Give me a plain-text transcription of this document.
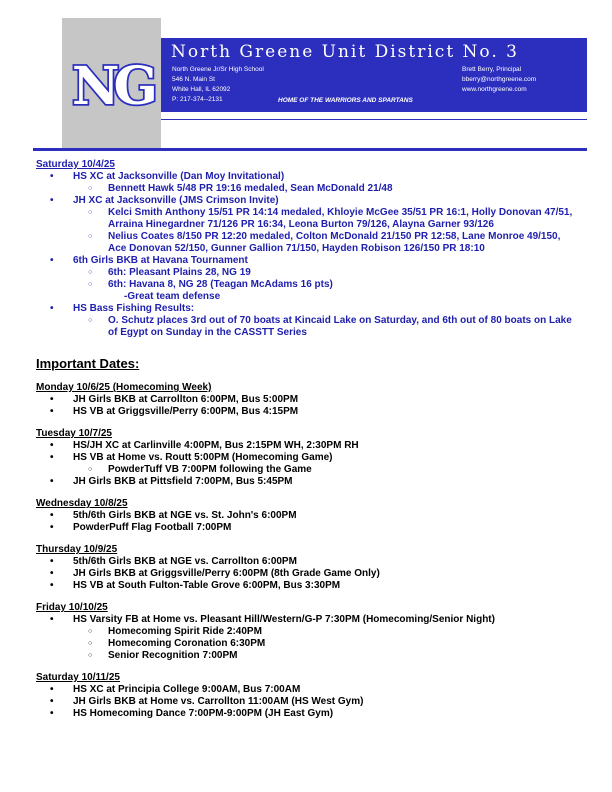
NG
North Greene Unit District No. 3
North Greene Jr/Sr High School
546 N. Main St
White Hall, IL 62092
P: 217-374--2131
Brett Berry, Principal
bberry@northgreene.com
www.northgreene.com
HOME OF THE WARRIORS AND SPARTANS
Saturday 10/4/25
• HS XC at Jacksonville (Dan Moy Invitational)
○ Bennett Hawk 5/48 PR 19:16 medaled, Sean McDonald 21/48
• JH XC at Jacksonville (JMS Crimson Invite)
○ Kelci Smith Anthony 15/51 PR 14:14 medaled, Khloyie McGee 35/51 PR 16:1, Holly Donovan 47/51, Arraina Hinegardner 71/126 PR 16:34, Leona Burton 79/126, Alayna Garner 93/126
○ Nelius Coates 8/150 PR 12:20 medaled, Colton McDonald 21/150 PR 12:58, Lane Monroe 49/150, Ace Donovan 52/150, Gunner Gallion 71/150, Hayden Robison 126/150 PR 18:10
• 6th Girls BKB at Havana Tournament
○ 6th: Pleasant Plains 28, NG 19
○ 6th: Havana 8, NG 28 (Teagan McAdams 16 pts)
-Great team defense
• HS Bass Fishing Results:
○ O. Schutz places 3rd out of 70 boats at Kincaid Lake on Saturday, and 6th out of 80 boats on Lake of Egypt on Sunday in the CASSTT Series
Important Dates:
Monday 10/6/25 (Homecoming Week)
• JH Girls BKB at Carrollton 6:00PM, Bus 5:00PM
• HS VB at Griggsville/Perry 6:00PM, Bus 4:15PM
Tuesday 10/7/25
• HS/JH XC at Carlinville 4:00PM, Bus 2:15PM WH, 2:30PM RH
• HS VB at Home vs. Routt 5:00PM (Homecoming Game)
○ PowderTuff VB 7:00PM following the Game
• JH Girls BKB at Pittsfield 7:00PM, Bus 5:45PM
Wednesday 10/8/25
• 5th/6th Girls BKB at NGE vs. St. John's 6:00PM
• PowderPuff Flag Football 7:00PM
Thursday 10/9/25
• 5th/6th Girls BKB at NGE vs. Carrollton 6:00PM
• JH Girls BKB at Griggsville/Perry 6:00PM (8th Grade Game Only)
• HS VB at South Fulton-Table Grove 6:00PM, Bus 3:30PM
Friday 10/10/25
• HS Varsity FB at Home vs. Pleasant Hill/Western/G-P 7:30PM (Homecoming/Senior Night)
○ Homecoming Spirit Ride 2:40PM
○ Homecoming Coronation 6:30PM
○ Senior Recognition 7:00PM
Saturday 10/11/25
• HS XC at Principia College 9:00AM, Bus 7:00AM
• JH Girls BKB at Home vs. Carrollton 11:00AM (HS West Gym)
• HS Homecoming Dance 7:00PM-9:00PM (JH East Gym)
